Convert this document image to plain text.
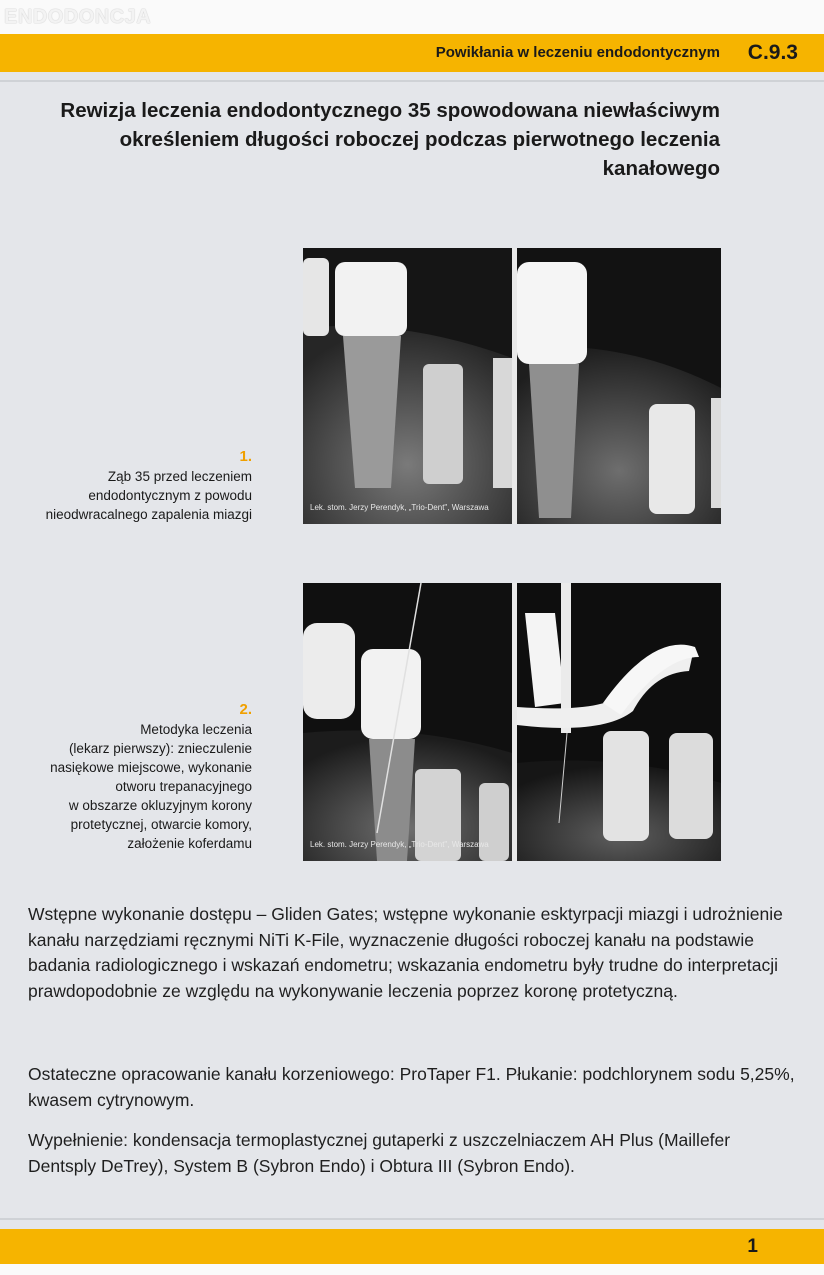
ENDODONCJA
Powikłania w leczeniu endodontycznym C.9.3
Rewizja leczenia endodontycznego 35 spowodowana niewłaściwym
określeniem długości roboczej podczas pierwotnego leczenia kanałowego
1.
Ząb 35 przed leczeniem
endodontycznym z powodu
nieodwracalnego zapalenia miazgi	Lek. stom. Jerzy Perendyk, „Trio-Dent", Warszawa
2.
Metodyka leczenia
(lekarz pierwszy): znieczulenie
nasiękowe miejscowe, wykonanie
otworu trepanacyjnego
w obszarze okluzyjnym korony
protetycznej, otwarcie komory,
założenie koferdamu	Lek. stom. Jerzy Perendyk, „Trio-Dent", Warszawa

Wstępne wykonanie dostępu – Gliden Gates; wstępne wykonanie esktyrpacji miazgi i udrożnienie kanału narzędziami ręcznymi NiTi K-File, wyznaczenie długości roboczej kanału na podstawie badania radiologicznego i wskazań endometru; wskazania endometru były trudne do interpretacji prawdopodobnie ze względu na wykonywanie leczenia poprzez koronę protetyczną.

Ostateczne opracowanie kanału korzeniowego: ProTaper F1. Płukanie: podchlorynem sodu 5,25%, kwasem cytrynowym.

Wypełnienie: kondensacja termoplastycznej gutaperki z uszczelniaczem AH Plus (Maillefer Dentsply DeTrey), System B (Sybron Endo) i Obtura III (Sybron Endo).

1
